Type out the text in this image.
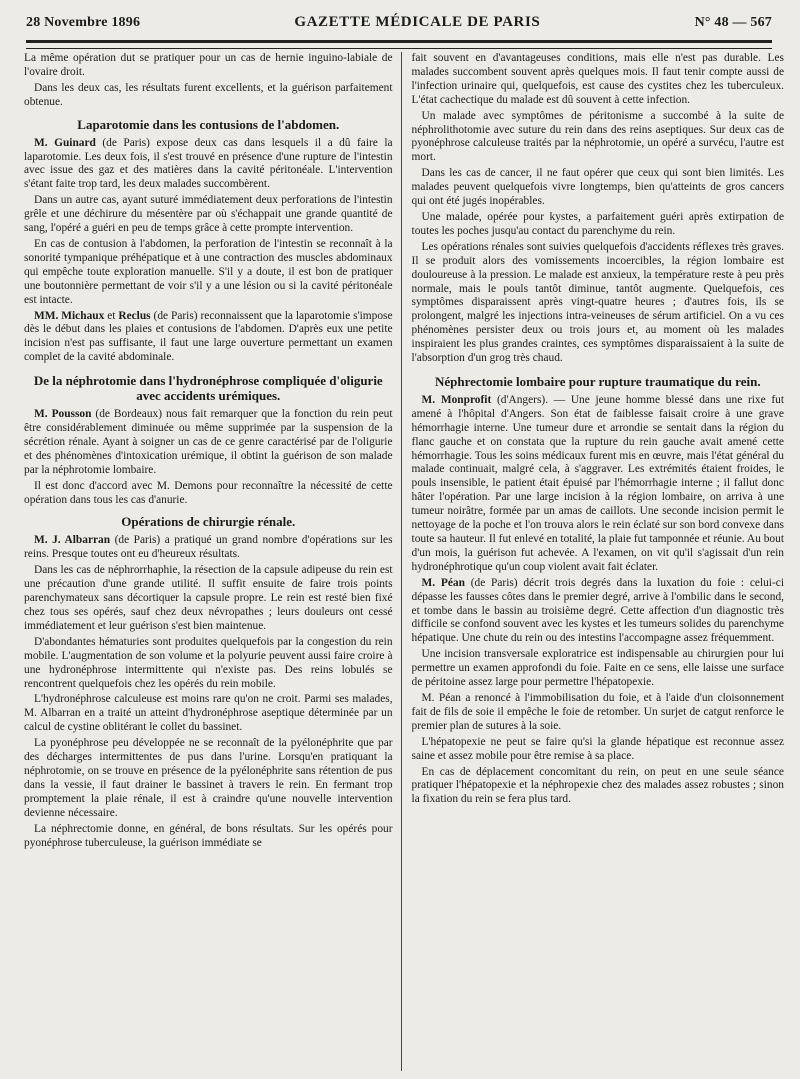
28 Novembre 1896	GAZETTE MÉDICALE DE PARIS	N° 48 — 567

La même opération dut se pratiquer pour un cas de hernie inguino-labiale de l'ovaire droit.

Dans les deux cas, les résultats furent excellents, et la guérison parfaitement obtenue.

Laparotomie dans les contusions de l'abdomen.

M. Guinard (de Paris) expose deux cas dans lesquels il a dû faire la laparotomie. Les deux fois, il s'est trouvé en présence d'une rupture de l'intestin avec issue des gaz et des matières dans la cavité péritonéale. L'intervention s'étant faite trop tard, les deux malades succombèrent.

Dans un autre cas, ayant suturé immédiatement deux perforations de l'intestin grêle et une déchirure du mésentère par où s'échappait une grande quantité de sang, l'opéré a guéri en peu de temps grâce à cette prompte intervention.

En cas de contusion à l'abdomen, la perforation de l'intestin se reconnaît à la sonorité tympanique préhépatique et à une contraction des muscles abdominaux qui empêche toute exploration manuelle. S'il y a doute, il est bon de pratiquer une boutonnière permettant de voir s'il y a une lésion ou si la cavité péritonéale est intacte.

MM. Michaux et Reclus (de Paris) reconnaissent que la laparotomie s'impose dès le début dans les plaies et contusions de l'abdomen. D'après eux une petite incision n'est pas suffisante, il faut une large ouverture permettant un examen complet de la cavité abdominale.

De la néphrotomie dans l'hydronéphrose compliquée d'oligurie avec accidents urémiques.

M. Pousson (de Bordeaux) nous fait remarquer que la fonction du rein peut être considérablement diminuée ou même supprimée par la suspension de la sécrétion rénale. Ayant à soigner un cas de ce genre caractérisé par de l'oligurie et des phénomènes d'intoxication urémique, il obtint la guérison de son malade par la néphrotomie lombaire.

Il est donc d'accord avec M. Demons pour reconnaître la nécessité de cette opération dans tous les cas d'anurie.

Opérations de chirurgie rénale.

M. J. Albarran (de Paris) a pratiqué un grand nombre d'opérations sur les reins. Presque toutes ont eu d'heureux résultats.

Dans les cas de néphrorrhaphie, la résection de la capsule adipeuse du rein est une précaution d'une grande utilité. Il suffit ensuite de faire trois points parenchymateux sans décortiquer la capsule propre. Le rein est resté bien fixé chez tous ses opérés, sauf chez deux névropathes ; leurs douleurs ont cessé immédiatement et leur guérison s'est bien maintenue.

D'abondantes hématuries sont produites quelquefois par la congestion du rein mobile. L'augmentation de son volume et la polyurie peuvent aussi faire croire à une hydronéphrose intermittente qui n'existe pas. Des reins lobulés se rencontrent quelquefois chez les opérés du rein mobile.

L'hydronéphrose calculeuse est moins rare qu'on ne croit. Parmi ses malades, M. Albarran en a traité un atteint d'hydronéphrose aseptique déterminée par un calcul de cystine oblitérant le collet du bassinet.

La pyonéphrose peu développée ne se reconnaît de la pyélonéphrite que par des décharges intermittentes de pus dans l'urine. Lorsqu'en pratiquant la néphrotomie, on se trouve en présence de la pyélonéphrite sans rétention de pus dans la vessie, il faut drainer le bassinet à travers le rein. En fermant trop promptement la plaie rénale, il est à craindre qu'une nouvelle intervention devienne nécessaire.

La néphrectomie donne, en général, de bons résultats. Sur les opérés pour pyonéphrose tuberculeuse, la guérison immédiate se

fait souvent en d'avantageuses conditions, mais elle n'est pas durable. Les malades succombent souvent après quelques mois. Il faut tenir compte aussi de l'infection urinaire qui, quelquefois, est cause des cystites chez les tuberculeux. L'état cachectique du malade est dû souvent à cette infection.

Un malade avec symptômes de péritonisme a succombé à la suite de néphrolithotomie avec suture du rein dans des reins aseptiques. Sur deux cas de pyonéphrose calculeuse traités par la néphrotomie, un opéré a survécu, l'autre est mort.

Dans les cas de cancer, il ne faut opérer que ceux qui sont bien limités. Les malades peuvent quelquefois vivre longtemps, bien qu'atteints de gros cancers qui ont été jugés inopérables.

Une malade, opérée pour kystes, a parfaitement guéri après extirpation de toutes les poches jusqu'au contact du parenchyme du rein.

Les opérations rénales sont suivies quelquefois d'accidents réflexes très graves. Il se produit alors des vomissements incoercibles, la région lombaire est douloureuse à la pression. Le malade est anxieux, la température reste à peu près normale, mais le pouls tantôt diminue, tantôt augmente. Quelquefois, ces symptômes disparaissent après vingt-quatre heures ; d'autres fois, ils se prolongent, malgré les injections intra-veineuses de sérum artificiel. On a vu ces phénomènes persister deux ou trois jours et, au moment où les malades inspiraient les plus grandes craintes, ces symptômes disparaissaient à la suite de l'absorption d'un grog très chaud.

Néphrectomie lombaire pour rupture traumatique du rein.

M. Monprofit (d'Angers). — Une jeune homme blessé dans une rixe fut amené à l'hôpital d'Angers. Son état de faiblesse faisait croire à une grave hémorrhagie interne. Une tumeur dure et arrondie se sentait dans la région du flanc gauche et on constata que la rupture du rein gauche avait amené cette hémorrhagie. Tous les soins médicaux furent mis en œuvre, mais l'état général du malade continuait, malgré cela, à s'aggraver. Les extrémités étaient froides, le pouls insensible, le patient était épuisé par l'hémorrhagie interne ; il fallut donc hâter l'opération. Par une large incision à la région lombaire, on arriva à une tumeur noirâtre, formée par un amas de caillots. Une seconde incision permit le nettoyage de la poche et l'on trouva alors le rein éclaté sur son bord convexe dans toute sa hauteur. Il fut enlevé en totalité, la plaie fut tamponnée et réunie. Au bout d'un mois, la guérison fut achevée. A l'examen, on vit qu'il s'agissait d'un rein hydronéphrotique qu'un coup violent avait fait éclater.

M. Péan (de Paris) décrit trois degrés dans la luxation du foie : celui-ci dépasse les fausses côtes dans le premier degré, arrive à l'ombilic dans le second, et tombe dans le bassin au troisième degré. Cette affection d'un diagnostic très difficile se confond souvent avec les kystes et les tumeurs solides du parenchyme hépatique. Une chute du rein ou des intestins l'accompagne assez fréquemment.

Une incision transversale exploratrice est indispensable au chirurgien pour lui permettre un examen approfondi du foie. Faite en ce sens, elle laisse une surface de péritoine assez large pour permettre l'hépatopexie.

M. Péan a renoncé à l'immobilisation du foie, et à l'aide d'un cloisonnement fait de fils de soie il empêche le foie de retomber. Un surjet de catgut renforce le premier plan de sutures à la soie.

L'hépatopexie ne peut se faire qu'si la glande hépatique est reconnue assez saine et assez mobile pour être remise à sa place.

En cas de déplacement concomitant du rein, on peut en une seule séance pratiquer l'hépatopexie et la néphropexie chez des malades assez robustes ; sinon la fixation du rein se fera plus tard.
